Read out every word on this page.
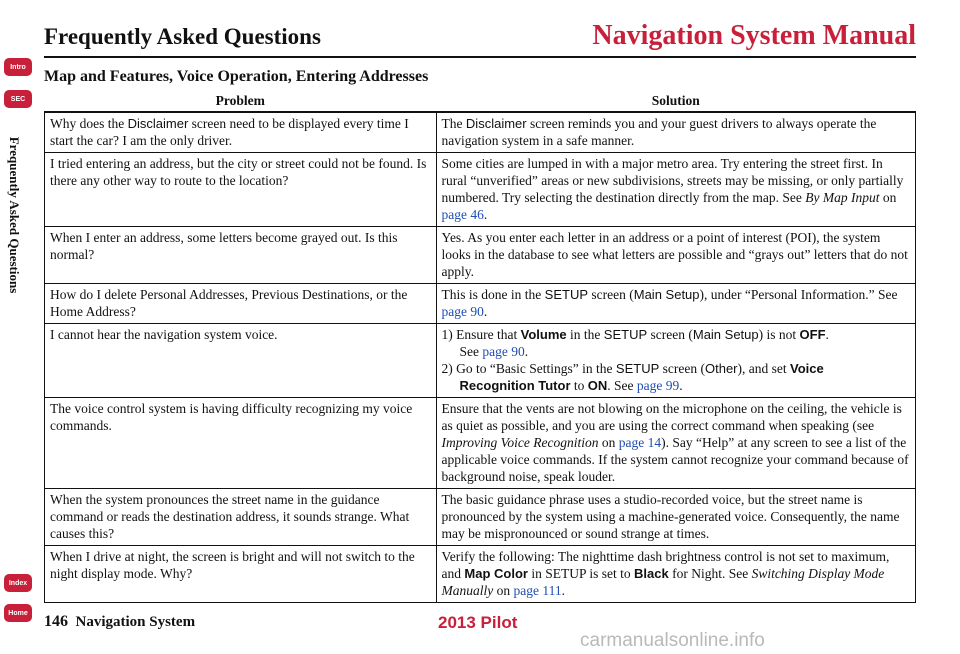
Frequently Asked Questions	Navigation System Manual
Intro
SEC
Frequently Asked Questions
Index
Home
Map and Features, Voice Operation, Entering Addresses
Problem	Solution
Why does the Disclaimer screen need to be displayed every time I start the car? I am the only driver.	The Disclaimer screen reminds you and your guest drivers to always operate the navigation system in a safe manner.
I tried entering an address, but the city or street could not be found. Is there any other way to route to the location?	Some cities are lumped in with a major metro area. Try entering the street first. In rural “unverified” areas or new subdivisions, streets may be missing, or only partially numbered. Try selecting the destination directly from the map. See By Map Input on page 46.
When I enter an address, some letters become grayed out. Is this normal?	Yes. As you enter each letter in an address or a point of interest (POI), the system looks in the database to see what letters are possible and “grays out” letters that do not apply.
How do I delete Personal Addresses, Previous Destinations, or the Home Address?	This is done in the SETUP screen (Main Setup), under “Personal Information.” See page 90.
I cannot hear the navigation system voice.	1) Ensure that Volume in the SETUP screen (Main Setup) is not OFF.
See page 90.
2) Go to “Basic Settings” in the SETUP screen (Other), and set Voice
Recognition Tutor to ON. See page 99.

The voice control system is having difficulty recognizing my voice commands.	Ensure that the vents are not blowing on the microphone on the ceiling, the vehicle is as quiet as possible, and you are using the correct command when speaking (see Improving Voice Recognition on page 14). Say “Help” at any screen to see a list of the applicable voice commands. If the system cannot recognize your command because of background noise, speak louder.
When the system pronounces the street name in the guidance command or reads the destination address, it sounds strange. What causes this?	The basic guidance phrase uses a studio-recorded voice, but the street name is pronounced by the system using a machine-generated voice. Consequently, the name may be mispronounced or sound strange at times.
When I drive at night, the screen is bright and will not switch to the night display mode. Why?	Verify the following: The nighttime dash brightness control is not set to maximum, and Map Color in SETUP is set to Black for Night. See Switching Display Mode Manually on page 111.
146 Navigation System	2013 Pilot
carmanualsonline.info
